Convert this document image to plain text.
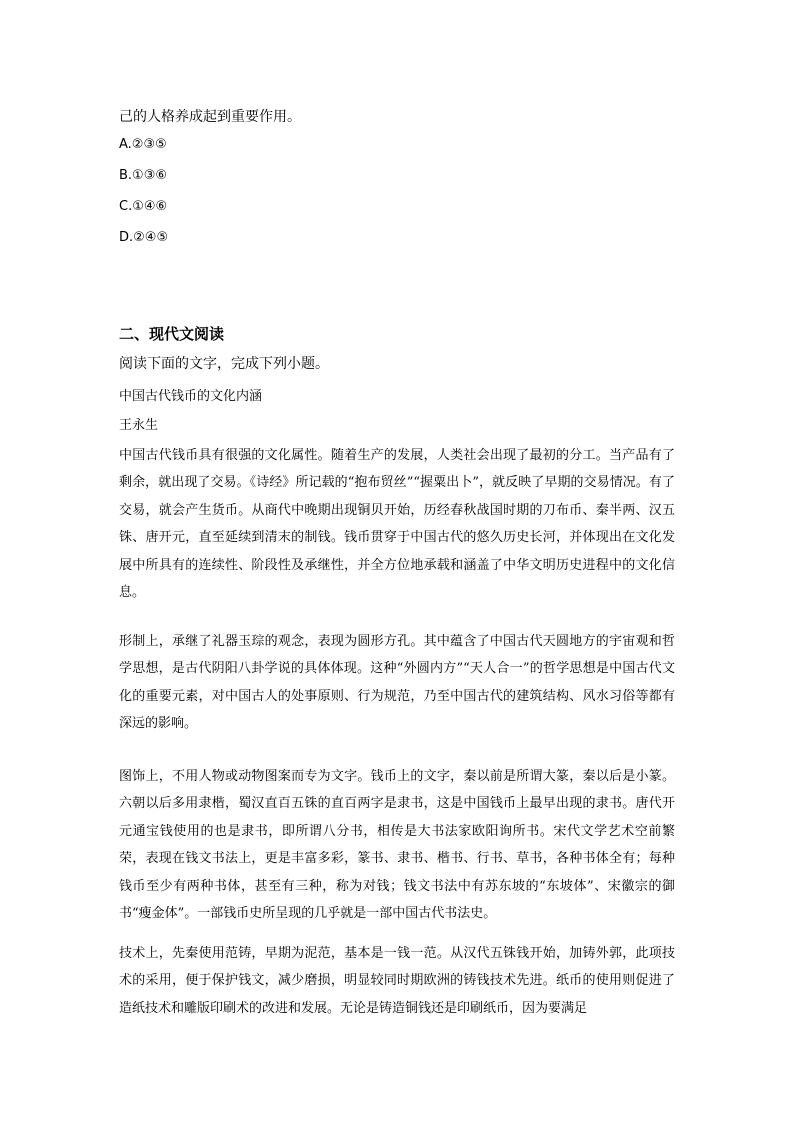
己的人格养成起到重要作用。
A.②③⑤
B.①③⑥
C.①④⑥
D.②④⑤
二、现代文阅读
阅读下面的文字，完成下列小题。
中国古代钱币的文化内涵
王永生

中国古代钱币具有很强的文化属性。随着生产的发展，人类社会出现了最初的分工。当产品有了剩余，就出现了交易。《诗经》所记载的“抱布贸丝”“握粟出卜”，就反映了早期的交易情况。有了交易，就会产生货币。从商代中晚期出现铜贝开始，历经春秋战国时期的刀布币、秦半两、汉五铢、唐开元，直至延续到清末的制钱。钱币贯穿于中国古代的悠久历史长河，并体现出在文化发展中所具有的连续性、阶段性及承继性，并全方位地承载和涵盖了中华文明历史进程中的文化信息。

形制上，承继了礼器玉琮的观念，表现为圆形方孔。其中蕴含了中国古代天圆地方的宇宙观和哲学思想，是古代阴阳八卦学说的具体体现。这种“外圆内方”“天人合一”的哲学思想是中国古代文化的重要元素，对中国古人的处事原则、行为规范，乃至中国古代的建筑结构、风水习俗等都有深远的影响。

图饰上，不用人物或动物图案而专为文字。钱币上的文字，秦以前是所谓大篆，秦以后是小篆。六朝以后多用隶楷，蜀汉直百五铢的直百两字是隶书，这是中国钱币上最早出现的隶书。唐代开元通宝钱使用的也是隶书，即所谓八分书，相传是大书法家欧阳询所书。宋代文学艺术空前繁荣，表现在钱文书法上，更是丰富多彩，篆书、隶书、楷书、行书、草书，各种书体全有；每种钱币至少有两种书体，甚至有三种，称为对钱；钱文书法中有苏东坡的“东坡体”、宋徽宗的御书“瘦金体”。一部钱币史所呈现的几乎就是一部中国古代书法史。

技术上，先秦使用范铸，早期为泥范，基本是一钱一范。从汉代五铢钱开始，加铸外郭，此项技术的采用，便于保护钱文，减少磨损，明显较同时期欧洲的铸钱技术先进。纸币的使用则促进了造纸技术和雕版印刷术的改进和发展。无论是铸造铜钱还是印刷纸币，因为要满足
